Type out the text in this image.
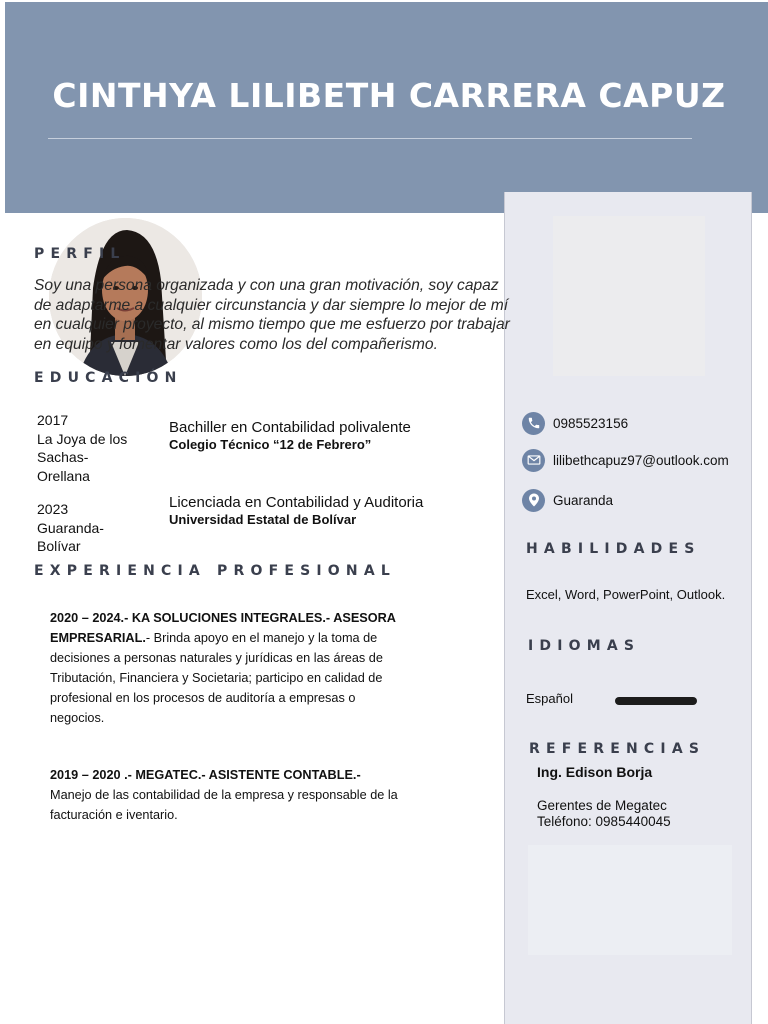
CINTHYA LILIBETH CARRERA CAPUZ
PERFIL

Soy una persona organizada y con una gran motivación, soy capaz de adaptarme a cualquier circunstancia y dar siempre lo mejor de mí en cualquier proyecto, al mismo tiempo que me esfuerzo por trabajar en equipo y fomentar valores como los del compañerismo.

EDUCACIÓN
2017
La Joya de los
Sachas-
Orellana
Bachiller en Contabilidad polivalente
Colegio Técnico “12 de Febrero”
2023
Guaranda-
Bolívar
Licenciada en Contabilidad y Auditoria
Universidad Estatal de Bolívar
EXPERIENCIA PROFESIONAL

2020 – 2024.- KA SOLUCIONES INTEGRALES.- ASESORA EMPRESARIAL.- Brinda apoyo en el manejo y la toma de decisiones a personas naturales y jurídicas en las áreas de Tributación, Financiera y Societaria; participo en calidad de profesional en los procesos de auditoría a empresas o negocios.

2019 – 2020 .- MEGATEC.- ASISTENTE CONTABLE.- Manejo de las contabilidad de la empresa y responsable de la facturación e iventario.

0985523156
lilibethcapuz97@outlook.com
Guaranda
HABILIDADES
Excel, Word, PowerPoint, Outlook.
IDIOMAS
Español
REFERENCIAS
Ing. Edison Borja
Gerentes de Megatec
Teléfono: 0985440045
